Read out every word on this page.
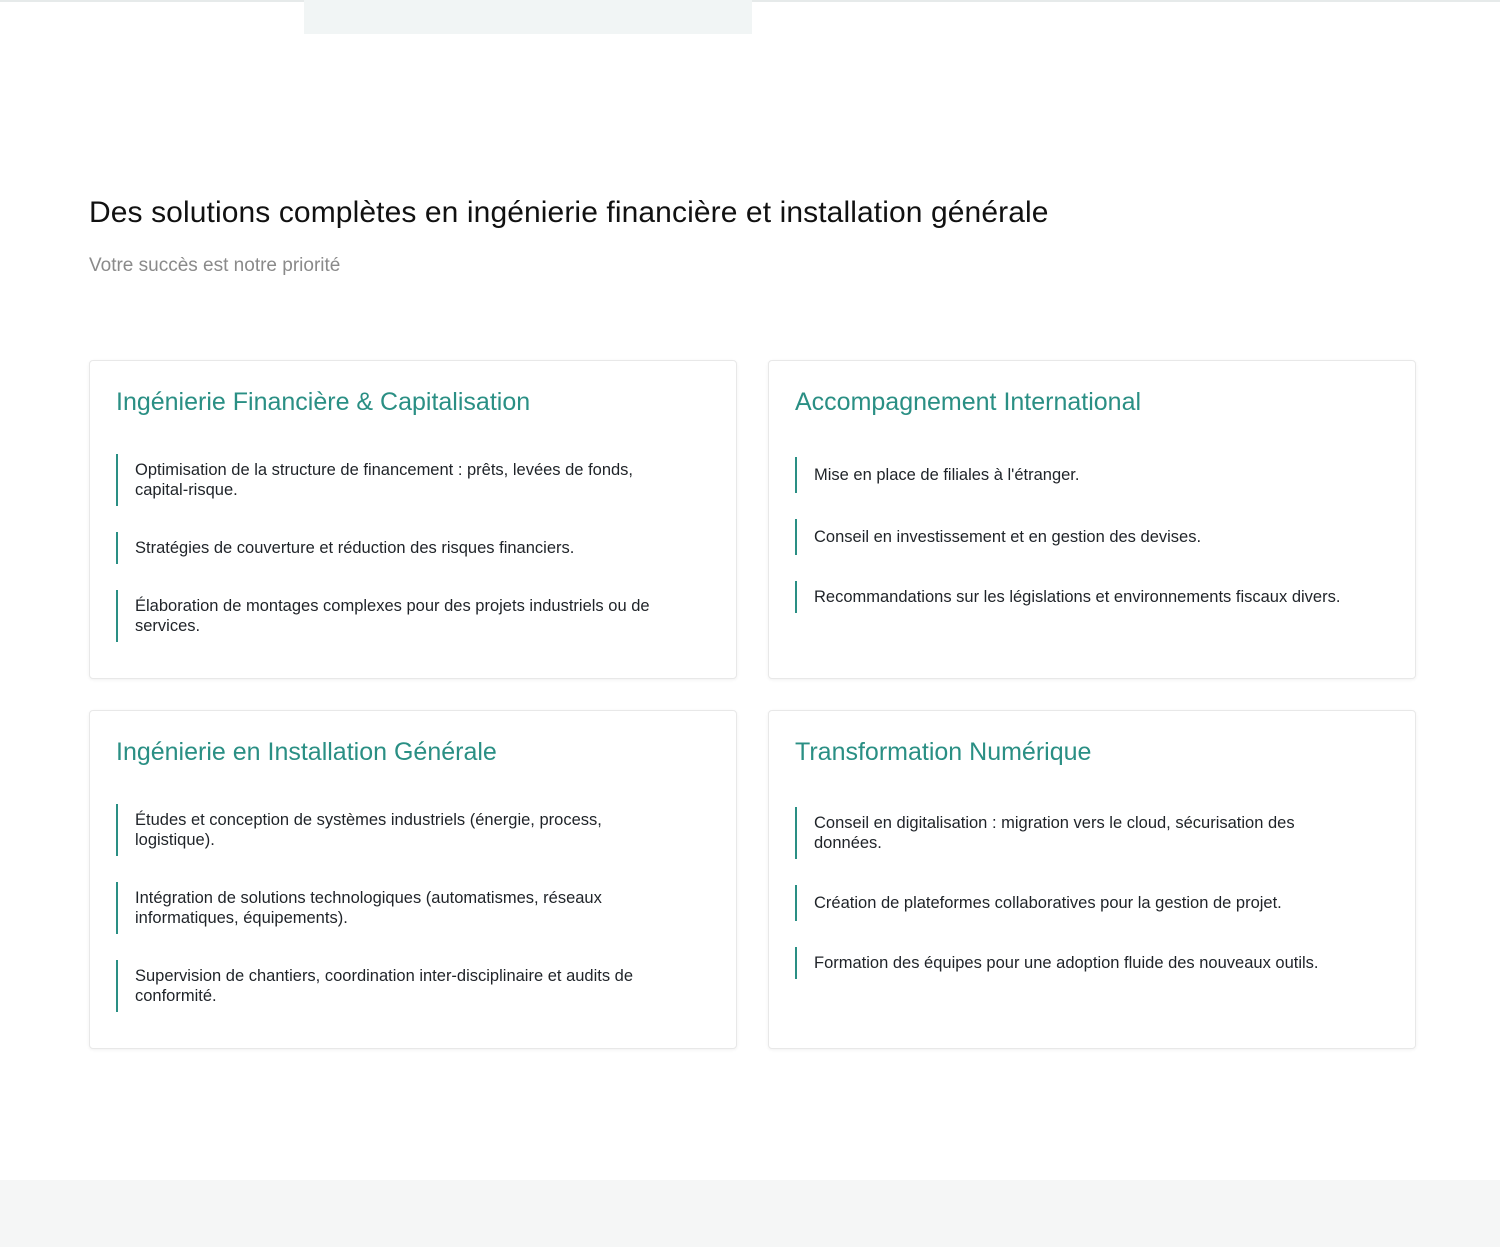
Des solutions complètes en ingénierie financière et installation générale

Votre succès est notre priorité

Ingénierie Financière & Capitalisation
Optimisation de la structure de financement : prêts, levées de fonds, capital-risque.
Stratégies de couverture et réduction des risques financiers.
Élaboration de montages complexes pour des projets industriels ou de services.
Accompagnement International
Mise en place de filiales à l'étranger.
Conseil en investissement et en gestion des devises.
Recommandations sur les législations et environnements fiscaux divers.
Ingénierie en Installation Générale
Études et conception de systèmes industriels (énergie, process, logistique).
Intégration de solutions technologiques (automatismes, réseaux informatiques, équipements).
Supervision de chantiers, coordination inter-disciplinaire et audits de conformité.
Transformation Numérique
Conseil en digitalisation : migration vers le cloud, sécurisation des données.
Création de plateformes collaboratives pour la gestion de projet.
Formation des équipes pour une adoption fluide des nouveaux outils.
